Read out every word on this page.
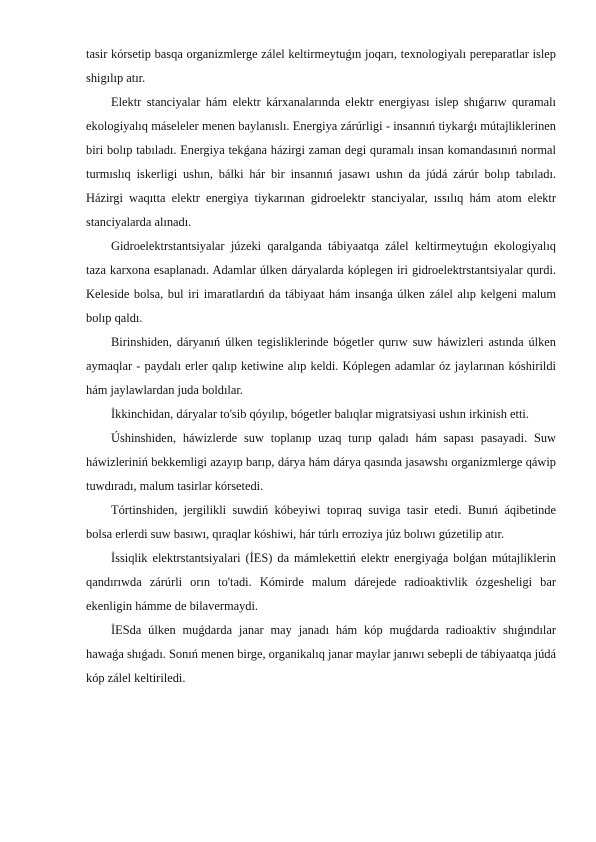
tasir kórsetip basqa organizmlerge zálel keltirmeytuǵın joqarı, texnologiyalı pereparatlar islep shigılıp atır.

Elektr stanciyalar hám elektr kárxanalarında elektr energiyası islep shıǵarıw quramalı ekologiyalıq máseleler menen baylanıslı. Energiya zárúrligi - insannıń tiykarǵı mútajliklerinen biri bolıp tabıladı. Energiya tekǵana házirgi zaman degi quramalı insan komandasınıń normal turmıslıq iskerligi ushın, bálki hár bir insannıń jasawı ushın da júdá zárúr bolıp tabıladı. Házirgi waqıtta elektr energiya tiykarınan gidroelektr stanciyalar, ıssılıq hám atom elektr stanciyalarda alınadı.

Gidroelektrstantsiyalar júzeki qaralganda tábiyaatqa zálel keltirmeytuǵın ekologiyalıq taza karxona esaplanadı. Adamlar úlken dáryalarda kóplegen iri gidroelektrstantsiyalar qurdi. Keleside bolsa, bul iri imaratlardıń da tábiyaat hám insanǵa úlken zálel alıp kelgeni malum bolıp qaldı.

Birinshiden, dáryanıń úlken tegisliklerinde bógetler qurıw suw háwizleri astında úlken aymaqlar - paydalı erler qalıp ketiwine alıp keldi. Kóplegen adamlar óz jaylarınan kóshirildi hám jaylawlardan juda boldılar.

İkkinchidan, dáryalar to'sib qóyılıp, bógetler balıqlar migratsiyasi ushın irkinish etti.

Úshinshiden, háwizlerde suw toplanıp uzaq turıp qaladı hám sapası pasayadi. Suw háwizleriniń bekkemligi azayıp barıp, dárya hám dárya qasında jasawshı organizmlerge qáwip tuwdıradı, malum tasirlar kórsetedi.

Tórtinshiden, jergilikli suwdiń kóbeyiwi topıraq suviga tasir etedi. Bunıń áqibetinde bolsa erlerdi suw basıwı, qıraqlar kóshiwi, hár túrlı erroziya júz bolıwı gúzetilip atır.

İssiqlik elektrstantsiyalari (İES) da mámlekettiń elektr energiyaǵa bolǵan mútajliklerin qandırıwda zárúrli orın to'tadi. Kómirde malum dárejede radioaktivlik ózgesheligi bar ekenligin hámme de bilavermaydi.

İESda úlken muǵdarda janar may janadı hám kóp muǵdarda radioaktiv shıǵındılar hawaǵa shıǵadı. Sonıń menen birge, organikalıq janar maylar janıwı sebepli de tábiyaatqa júdá kóp zálel keltiriledi.
